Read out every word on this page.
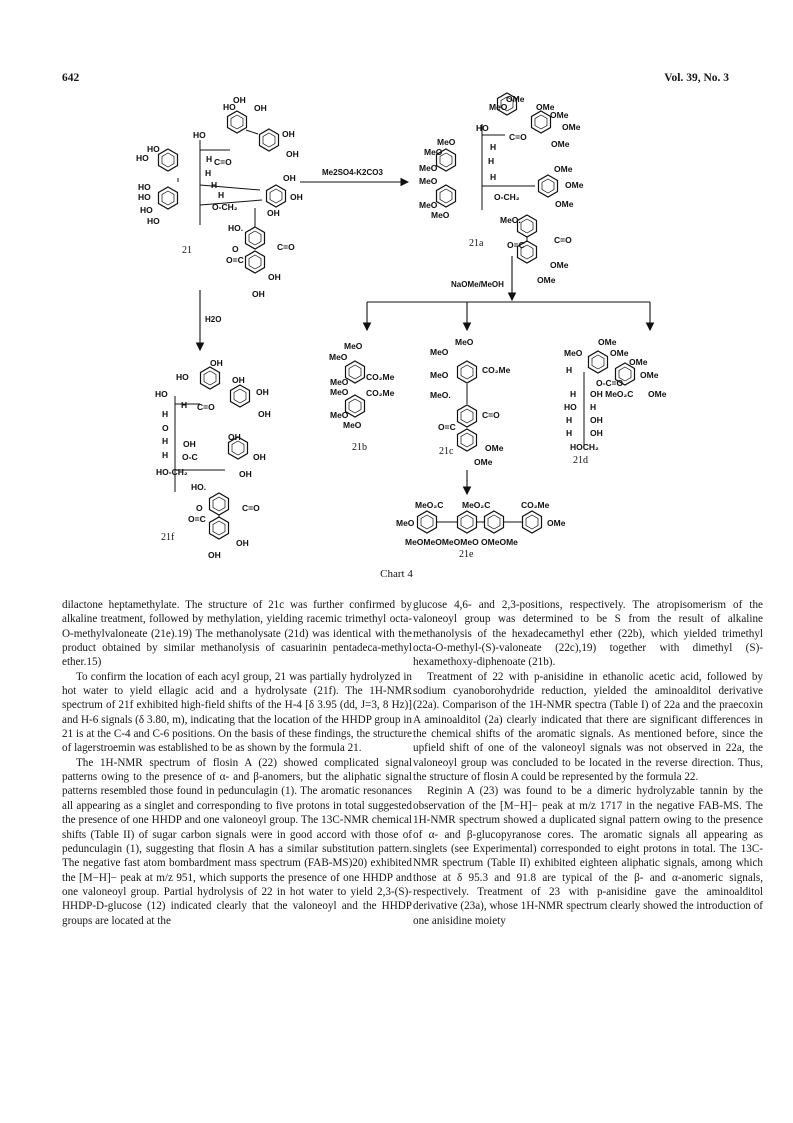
642	Vol. 39, No. 3
HO
OH
OH
HO	OH
OH
HO
HO
HO
HO
HO
HO
H C=O
H
H
H
O-CH₂
OH
OH
OH
HO.
O	C=O
O=C
OH
OH
21
Me2SO4-K2CO3
OMe
MeO	OMe
OMe
HO	OMe
C=O
OMe
MeO
MeO	H
H
MeO
MeO	H
OMe
OMe
MeO
MeO
O-CH₂
OMe
MeO.
C=O
O=C
OMe
OMe
21a
NaOMe/MeOH
H2O
OH
HO	OH
HO	OH
H C=O
OH
H
O
H OH
H O-C
OH
OH
HO-CH₂	OH
HO.
O	C=O
O=C
OH
OH
21f
MeO
MeO
CO₂Me
MeO
MeO CO₂Me
MeO
MeO
21b
MeO
MeO
CO₂Me
MeO
MeO.
C=O
O=C
OMe
OMe
21c
OMe
MeO	OMe
OMe
H	OMe
O-C=O
H OH MeO₂C OMe
HO H
H OH
H OH
HOCH₂
21d
MeO₂C MeO₂C	CO₂Me
MeO	OMe
MeOMeOMeOMeO OMeOMe
21e
Chart 4

dilactone heptamethylate. The structure of 21c was further confirmed by alkaline treatment, followed by methylation, yielding racemic trimethyl octa-O-methylvaloneate (21e).19) The methanolysate (21d) was identical with the product obtained by similar methanolysis of casuarinin pentadeca-methyl ether.15)

To confirm the location of each acyl group, 21 was partially hydrolyzed in hot water to yield ellagic acid and a hydrolysate (21f). The 1H-NMR spectrum of 21f exhibited high-field shifts of the H-4 [δ 3.95 (dd, J=3, 8 Hz)] and H-6 signals (δ 3.80, m), indicating that the location of the HHDP group in 21 is at the C-4 and C-6 positions. On the basis of these findings, the structure of lagerstroemin was established to be as shown by the formula 21.

The 1H-NMR spectrum of flosin A (22) showed complicated signal patterns owing to the presence of α- and β-anomers, but the aliphatic signal patterns resembled those found in pedunculagin (1). The aromatic resonances all appearing as a singlet and corresponding to five protons in total suggested the presence of one HHDP and one valoneoyl group. The 13C-NMR chemical shifts (Table II) of sugar carbon signals were in good accord with those of pedunculagin (1), suggesting that flosin A has a similar substitution pattern. The negative fast atom bombardment mass spectrum (FAB-MS)20) exhibited the [M−H]− peak at m/z 951, which supports the presence of one HHDP and one valoneoyl group. Partial hydrolysis of 22 in hot water to yield 2,3-(S)-HHDP-D-glucose (12) indicated clearly that the valoneoyl and the HHDP groups are located at the

glucose 4,6- and 2,3-positions, respectively. The atropisomerism of the valoneoyl group was determined to be S from the result of alkaline methanolysis of the hexadecamethyl ether (22b), which yielded trimethyl octa-O-methyl-(S)-valoneate (22c),19) together with dimethyl (S)-hexamethoxy-diphenoate (21b).

Treatment of 22 with p-anisidine in ethanolic acetic acid, followed by sodium cyanoborohydride reduction, yielded the aminoalditol derivative (22a). Comparison of the 1H-NMR spectra (Table I) of 22a and the praecoxin A aminoalditol (2a) clearly indicated that there are significant differences in the chemical shifts of the aromatic signals. As mentioned before, since the upfield shift of one of the valoneoyl signals was not observed in 22a, the valoneoyl group was concluded to be located in the reverse direction. Thus, the structure of flosin A could be represented by the formula 22.

Reginin A (23) was found to be a dimeric hydrolyzable tannin by the observation of the [M−H]− peak at m/z 1717 in the negative FAB-MS. The 1H-NMR spectrum showed a duplicated signal pattern owing to the presence of α- and β-glucopyranose cores. The aromatic signals all appearing as singlets (see Experimental) corresponded to eight protons in total. The 13C-NMR spectrum (Table II) exhibited eighteen aliphatic signals, among which those at δ 95.3 and 91.8 are typical of the β- and α-anomeric signals, respectively. Treatment of 23 with p-anisidine gave the aminoalditol derivative (23a), whose 1H-NMR spectrum clearly showed the introduction of one anisidine moiety
